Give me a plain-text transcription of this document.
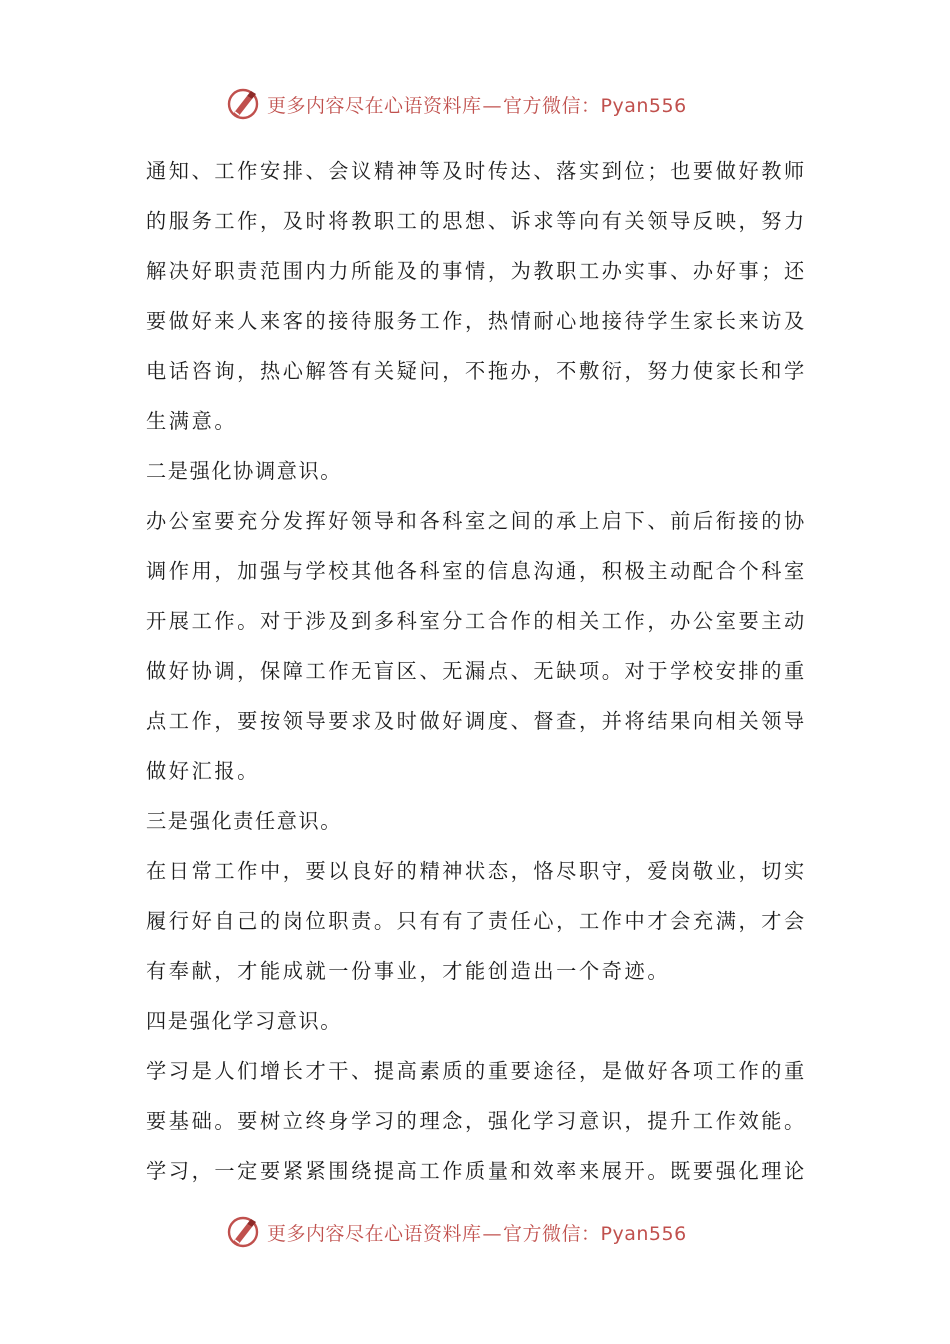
更多内容尽在心语资料库—官方微信：Pyan556
通知、工作安排、会议精神等及时传达、落实到位；也要做好教师
的服务工作，及时将教职工的思想、诉求等向有关领导反映，努力
解决好职责范围内力所能及的事情，为教职工办实事、办好事；还
要做好来人来客的接待服务工作，热情耐心地接待学生家长来访及
电话咨询，热心解答有关疑问，不拖办，不敷衍，努力使家长和学
生满意。
二是强化协调意识。
办公室要充分发挥好领导和各科室之间的承上启下、前后衔接的协
调作用，加强与学校其他各科室的信息沟通，积极主动配合个科室
开展工作。对于涉及到多科室分工合作的相关工作，办公室要主动
做好协调，保障工作无盲区、无漏点、无缺项。对于学校安排的重
点工作，要按领导要求及时做好调度、督查，并将结果向相关领导
做好汇报。
三是强化责任意识。
在日常工作中，要以良好的精神状态，恪尽职守，爱岗敬业，切实
履行好自己的岗位职责。只有有了责任心，工作中才会充满，才会
有奉献，才能成就一份事业，才能创造出一个奇迹。
四是强化学习意识。
学习是人们增长才干、提高素质的重要途径，是做好各项工作的重
要基础。要树立终身学习的理念，强化学习意识，提升工作效能。
学习，一定要紧紧围绕提高工作质量和效率来展开。既要强化理论
更多内容尽在心语资料库—官方微信：Pyan556
